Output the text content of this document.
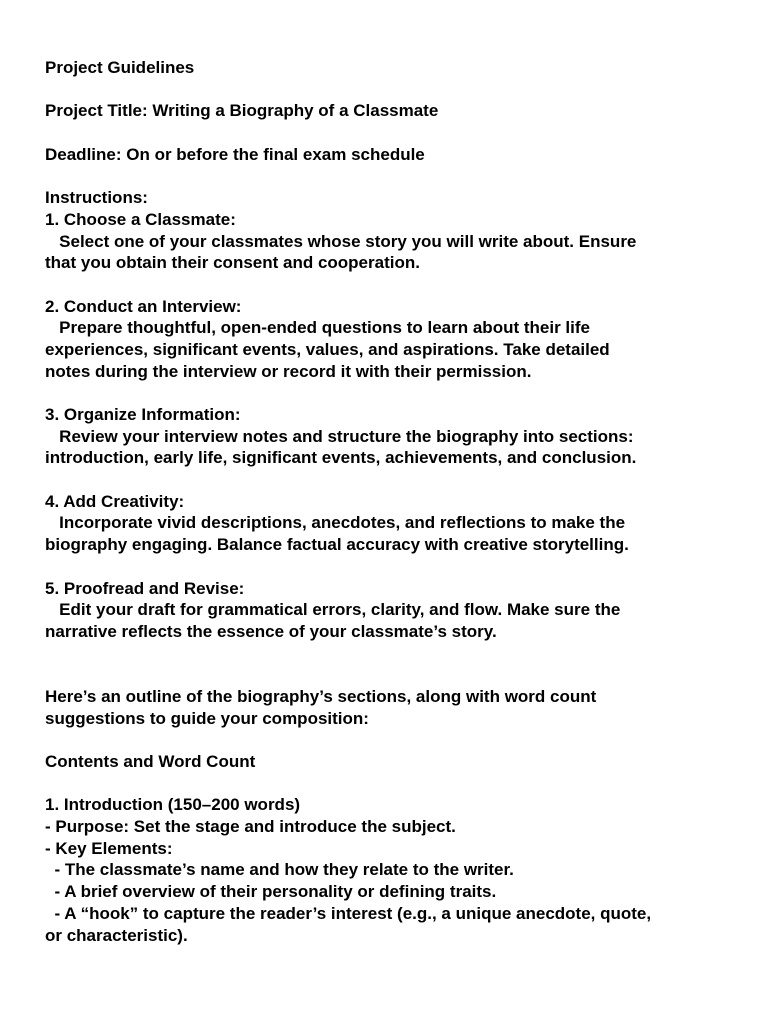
Project Guidelines
Project Title: Writing a Biography of a Classmate
Deadline: On or before the final exam schedule
Instructions:
1. Choose a Classmate:
Select one of your classmates whose story you will write about. Ensure
that you obtain their consent and cooperation.
2. Conduct an Interview:
Prepare thoughtful, open-ended questions to learn about their life
experiences, significant events, values, and aspirations. Take detailed
notes during the interview or record it with their permission.
3. Organize Information:
Review your interview notes and structure the biography into sections:
introduction, early life, significant events, achievements, and conclusion.
4. Add Creativity:
Incorporate vivid descriptions, anecdotes, and reflections to make the
biography engaging. Balance factual accuracy with creative storytelling.
5. Proofread and Revise:
Edit your draft for grammatical errors, clarity, and flow. Make sure the
narrative reflects the essence of your classmate’s story.
Here’s an outline of the biography’s sections, along with word count
suggestions to guide your composition:
Contents and Word Count
1. Introduction (150–200 words)
- Purpose: Set the stage and introduce the subject.
- Key Elements:
- The classmate’s name and how they relate to the writer.
- A brief overview of their personality or defining traits.
- A “hook” to capture the reader’s interest (e.g., a unique anecdote, quote,
or characteristic).
